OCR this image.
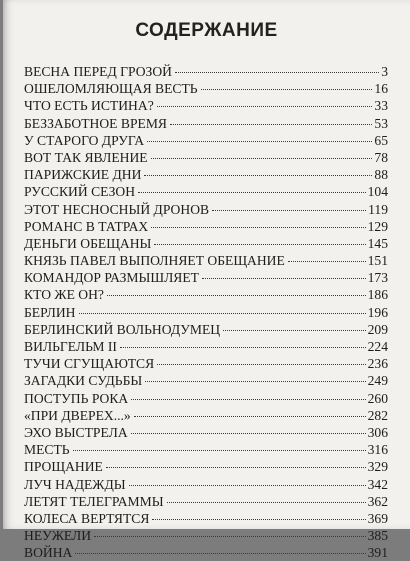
СОДЕРЖАНИЕ
ВЕСНА ПЕРЕД ГРОЗОЙ	3
ОШЕЛОМЛЯЮЩАЯ ВЕСТЬ	16
ЧТО ЕСТЬ ИСТИНА?	33
БЕЗЗАБОТНОЕ ВРЕМЯ	53
У СТАРОГО ДРУГА	65
ВОТ ТАК ЯВЛЕНИЕ	78
ПАРИЖСКИЕ ДНИ	88
РУССКИЙ СЕЗОН	104
ЭТОТ НЕСНОСНЫЙ ДРОНОВ	119
РОМАНС В ТАТРАХ	129
ДЕНЬГИ ОБЕЩАНЫ	145
КНЯЗЬ ПАВЕЛ ВЫПОЛНЯЕТ ОБЕЩАНИЕ	151
КОМАНДОР РАЗМЫШЛЯЕТ	173
КТО ЖЕ ОН?	186
БЕРЛИН	196
БЕРЛИНСКИЙ ВОЛЬНОДУМЕЦ	209
ВИЛЬГЕЛЬМ II	224
ТУЧИ СГУЩАЮТСЯ	236
ЗАГАДКИ СУДЬБЫ	249
ПОСТУПЬ РОКА	260
«ПРИ ДВЕРЕХ...»	282
ЭХО ВЫСТРЕЛА	306
МЕСТЬ	316
ПРОЩАНИЕ	329
ЛУЧ НАДЕЖДЫ	342
ЛЕТЯТ ТЕЛЕГРАММЫ	362
КОЛЕСА ВЕРТЯТСЯ	369
НЕУЖЕЛИ	385
ВОЙНА	391
